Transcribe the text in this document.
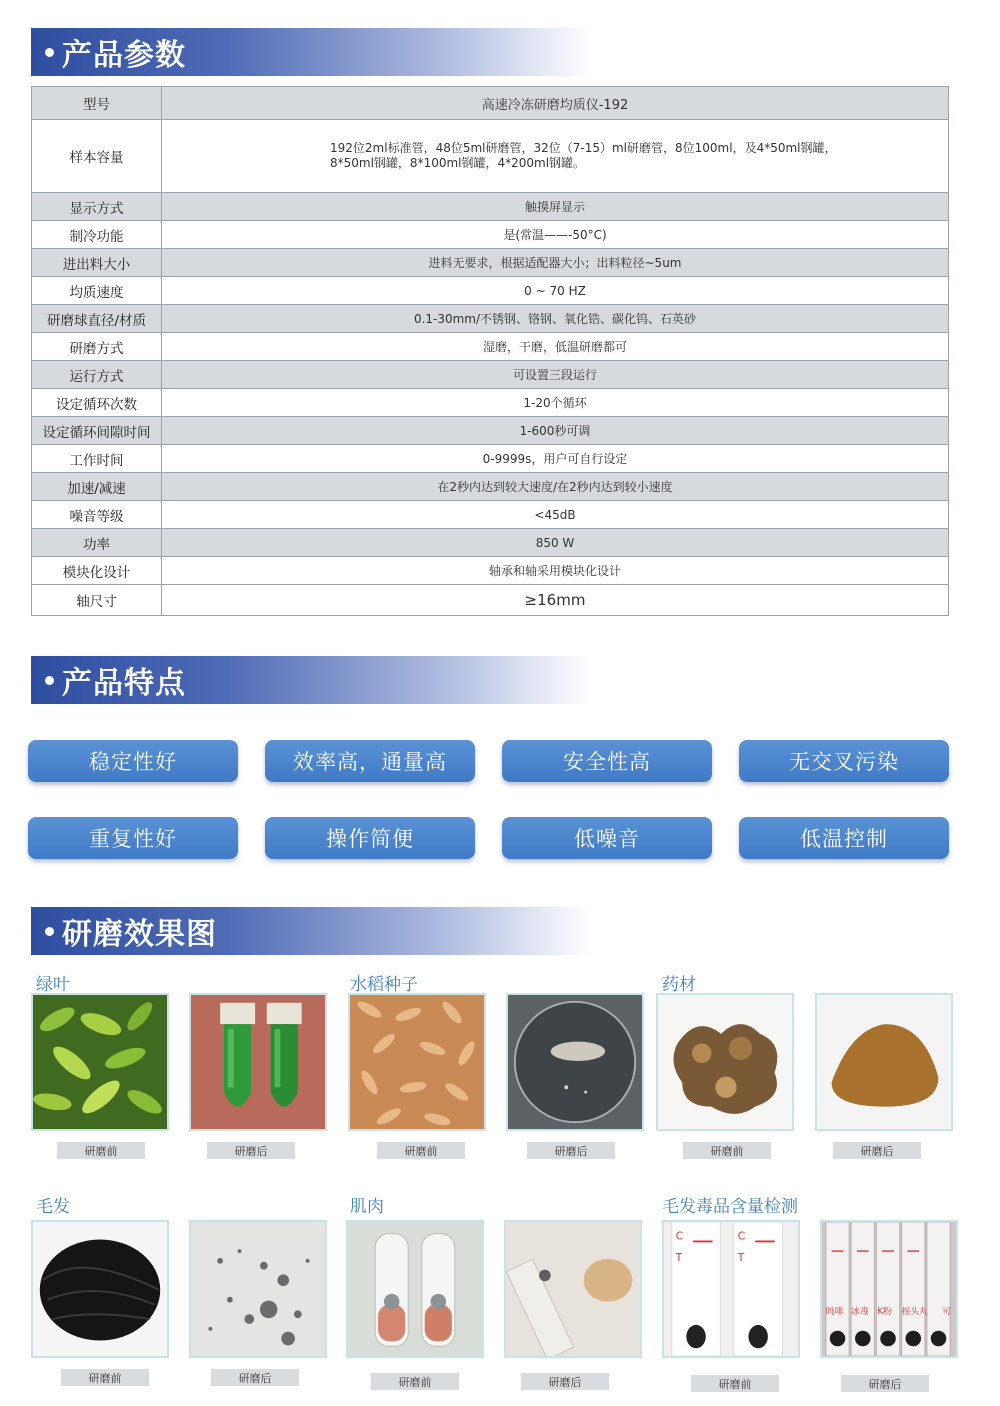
产品参数
型号	高速冷冻研磨均质仪-192
样本容量	192位2ml标准管，48位5ml研磨管，32位（7-15）ml研磨管，8位100ml，及4*50ml钢罐，
8*50ml钢罐，8*100ml钢罐，4*200ml钢罐。

显示方式	触摸屏显示
制冷功能	是(常温——-50°C)
进出料大小	进料无要求，根据适配器大小；出料粒径~5um
均质速度	0 ~ 70 HZ
研磨球直径/材质	0.1-30mm/不锈钢、铬钢、氧化锆、碳化钨、石英砂
研磨方式	湿磨，干磨，低温研磨都可
运行方式	可设置三段运行
设定循环次数	1-20个循环
设定循环间隙时间	1-600秒可调
工作时间	0-9999s，用户可自行设定
加速/减速	在2秒内达到较大速度/在2秒内达到较小速度
噪音等级	<45dB
功率	850 W
模块化设计	轴承和轴采用模块化设计
轴尺寸	≥16mm
产品特点
稳定性好	效率高，通量高	安全性高	无交叉污染
重复性好	操作简便	低噪音	低温控制
研磨效果图
绿叶	水稻种子	药材
研磨前	研磨后	研磨前	研磨后	研磨前	研磨后
毛发	肌肉	毛发毒品含量检测
C
T
C
T
吗啡 冰毒 K粉 摇头丸 可
研磨前	研磨后	研磨前	研磨后	研磨前	研磨后
